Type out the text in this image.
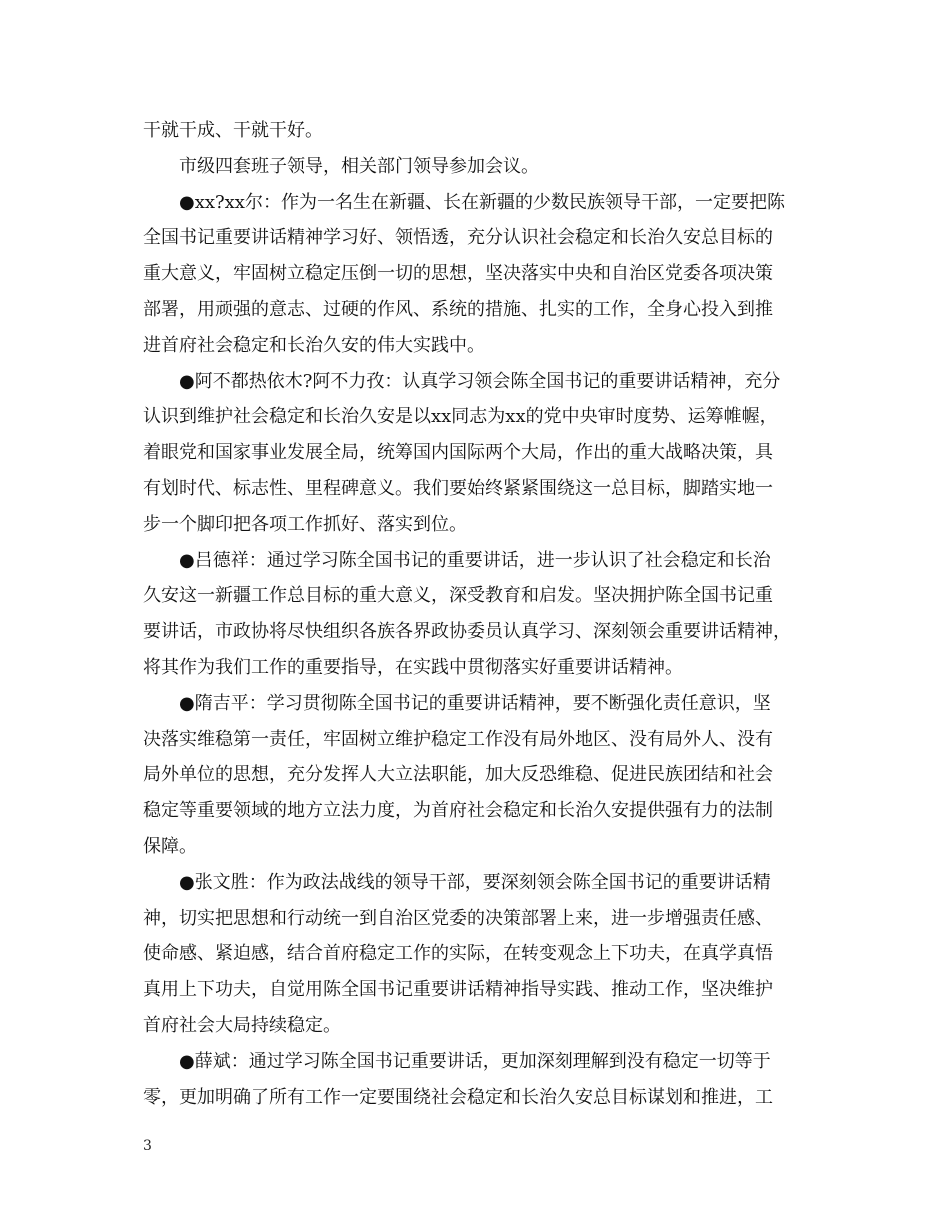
干就干成、干就干好。
市级四套班子领导，相关部门领导参加会议。
●xx?xx尔：作为一名生在新疆、长在新疆的少数民族领导干部，一定要把陈
全国书记重要讲话精神学习好、领悟透，充分认识社会稳定和长治久安总目标的
重大意义，牢固树立稳定压倒一切的思想，坚决落实中央和自治区党委各项决策
部署，用顽强的意志、过硬的作风、系统的措施、扎实的工作，全身心投入到推
进首府社会稳定和长治久安的伟大实践中。
●阿不都热依木?阿不力孜：认真学习领会陈全国书记的重要讲话精神，充分
认识到维护社会稳定和长治久安是以xx同志为xx的党中央审时度势、运筹帷幄，
着眼党和国家事业发展全局，统筹国内国际两个大局，作出的重大战略决策，具
有划时代、标志性、里程碑意义。我们要始终紧紧围绕这一总目标，脚踏实地一
步一个脚印把各项工作抓好、落实到位。
●吕德祥：通过学习陈全国书记的重要讲话，进一步认识了社会稳定和长治
久安这一新疆工作总目标的重大意义，深受教育和启发。坚决拥护陈全国书记重
要讲话，市政协将尽快组织各族各界政协委员认真学习、深刻领会重要讲话精神，
将其作为我们工作的重要指导，在实践中贯彻落实好重要讲话精神。
●隋吉平：学习贯彻陈全国书记的重要讲话精神，要不断强化责任意识，坚
决落实维稳第一责任，牢固树立维护稳定工作没有局外地区、没有局外人、没有
局外单位的思想，充分发挥人大立法职能，加大反恐维稳、促进民族团结和社会
稳定等重要领域的地方立法力度，为首府社会稳定和长治久安提供强有力的法制
保障。
●张文胜：作为政法战线的领导干部，要深刻领会陈全国书记的重要讲话精
神，切实把思想和行动统一到自治区党委的决策部署上来，进一步增强责任感、
使命感、紧迫感，结合首府稳定工作的实际，在转变观念上下功夫，在真学真悟
真用上下功夫，自觉用陈全国书记重要讲话精神指导实践、推动工作，坚决维护
首府社会大局持续稳定。
●薛斌：通过学习陈全国书记重要讲话，更加深刻理解到没有稳定一切等于
零，更加明确了所有工作一定要围绕社会稳定和长治久安总目标谋划和推进，工
3
